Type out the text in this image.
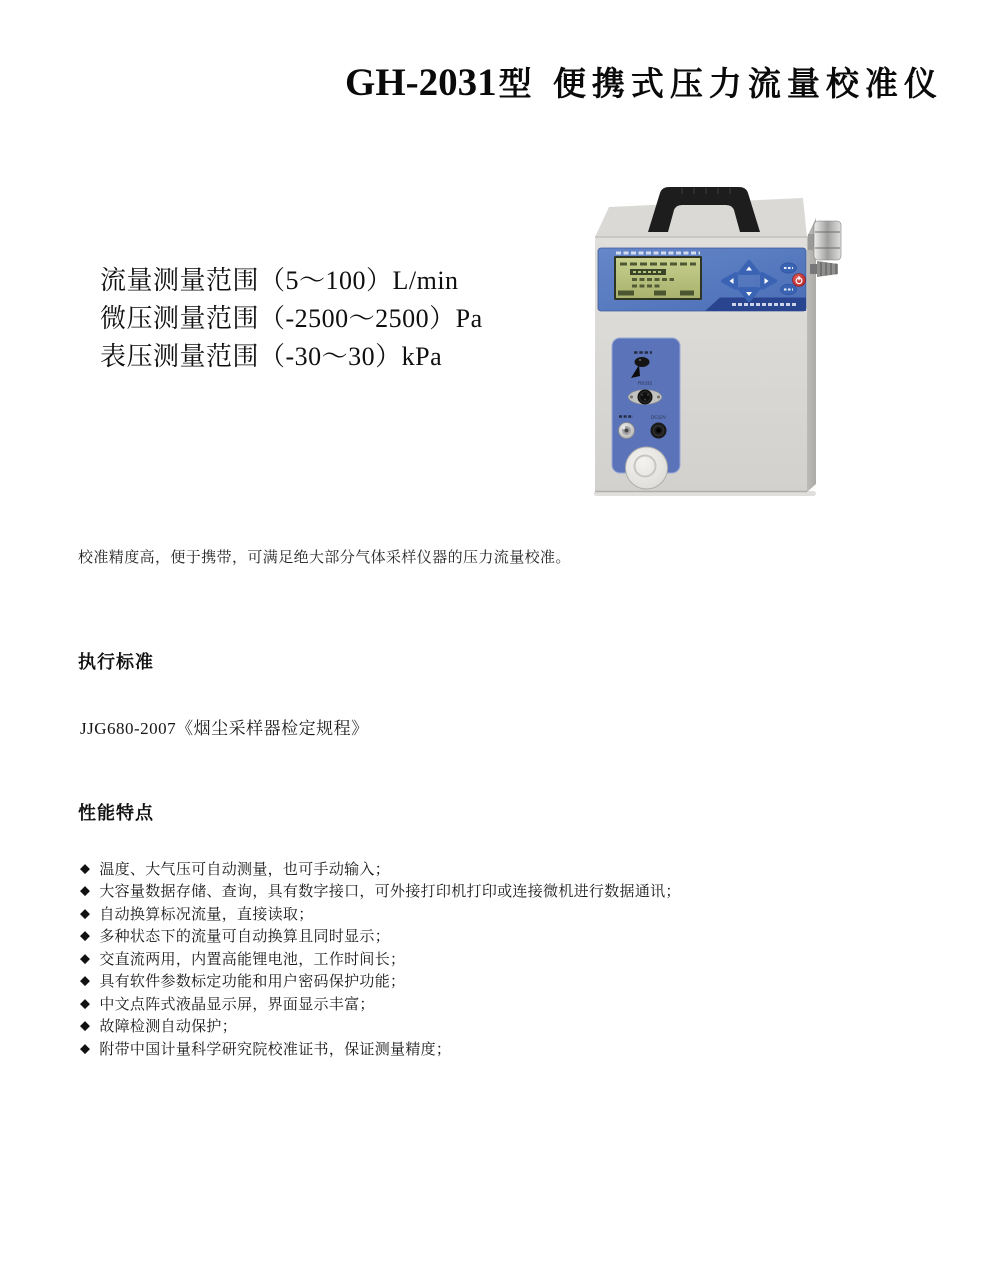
GH-2031 型 便携式压力流量校准仪
流量测量范围（5～100）L/min
微压测量范围（-2500～2500）Pa
表压测量范围（-30～30）kPa
RS232
DC12V

校准精度高，便于携带，可满足绝大部分气体采样仪器的压力流量校准。

执行标准

JJG680-2007《烟尘采样器检定规程》

性能特点
◆ 温度、大气压可自动测量，也可手动输入；
◆ 大容量数据存储、查询，具有数字接口，可外接打印机打印或连接微机进行数据通讯；
◆ 自动换算标况流量，直接读取；
◆ 多种状态下的流量可自动换算且同时显示；
◆ 交直流两用，内置高能锂电池，工作时间长；
◆ 具有软件参数标定功能和用户密码保护功能；
◆ 中文点阵式液晶显示屏，界面显示丰富；
◆ 故障检测自动保护；
◆ 附带中国计量科学研究院校准证书，保证测量精度；
